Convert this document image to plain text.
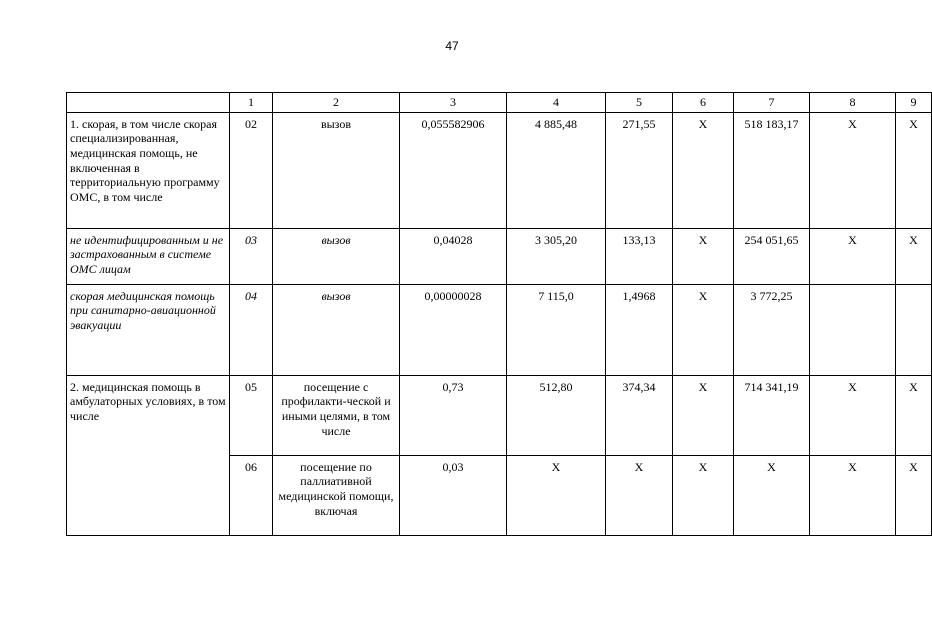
47
	1	2	3	4	5	6	7	8	9
1. скорая, в том числе скорая специализированная, медицинская помощь, не включенная в территориальную программу ОМС, в том числе	02	вызов	0,055582906	4 885,48	271,55	Х	518 183,17	Х	Х
не идентифицированным и не застрахованным в системе ОМС лицам	03	вызов	0,04028	3 305,20	133,13	Х	254 051,65	Х	Х
скорая медицинская помощь при санитарно-авиационной эвакуации	04	вызов	0,00000028	7 115,0	1,4968	Х	3 772,25		
2. медицинская помощь в амбулаторных условиях, в том числе	05	посещение с профилакти-ческой и иными целями, в том числе	0,73	512,80	374,34	Х	714 341,19	Х	Х
	06	посещение по паллиативной медицинской помощи, включая	0,03	Х	Х	Х	Х	Х	Х
